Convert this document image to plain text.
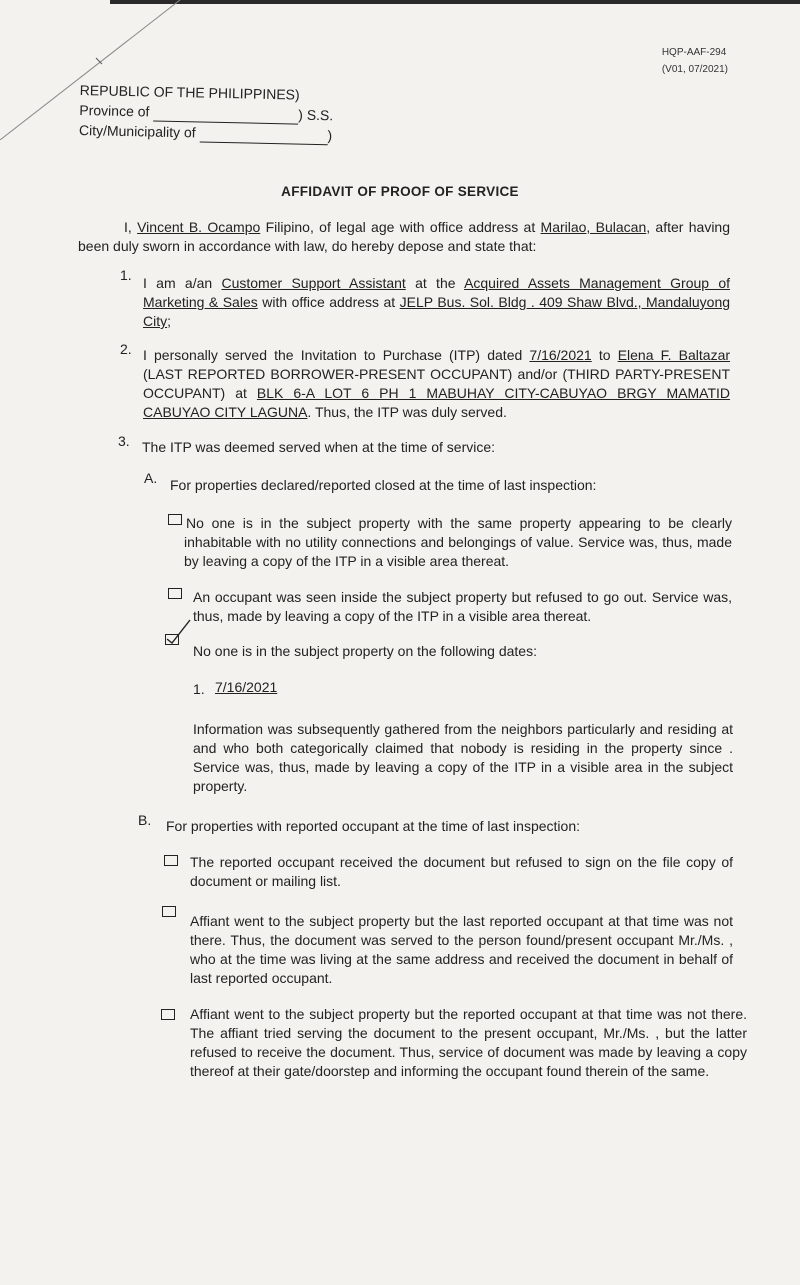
HQP-AAF-294
(V01, 07/2021)
REPUBLIC OF THE PHILIPPINES)
Province of	) S.S.
City/Municipality of	)
AFFIDAVIT OF PROOF OF SERVICE
I, Vincent B. Ocampo Filipino, of legal age with office address at Marilao, Bulacan, after having been duly sworn in accordance with law, do hereby depose and state that:
1. I am a/an Customer Support Assistant at the Acquired Assets Management Group of Marketing & Sales with office address at JELP Bus. Sol. Bldg . 409 Shaw Blvd., Mandaluyong City;
2. I personally served the Invitation to Purchase (ITP) dated 7/16/2021 to Elena F. Baltazar (LAST REPORTED BORROWER-PRESENT OCCUPANT) and/or (THIRD PARTY-PRESENT OCCUPANT) at BLK 6-A LOT 6 PH 1 MABUHAY CITY-CABUYAO BRGY MAMATID CABUYAO CITY LAGUNA. Thus, the ITP was duly served.
3. The ITP was deemed served when at the time of service:
A. For properties declared/reported closed at the time of last inspection:
No one is in the subject property with the same property appearing to be clearly inhabitable with no utility connections and belongings of value. Service was, thus, made by leaving a copy of the ITP in a visible area thereat.
An occupant was seen inside the subject property but refused to go out. Service was, thus, made by leaving a copy of the ITP in a visible area thereat.
No one is in the subject property on the following dates:
1. 7/16/2021
Information was subsequently gathered from the neighbors particularly and residing at and who both categorically claimed that nobody is residing in the property since . Service was, thus, made by leaving a copy of the ITP in a visible area in the subject property.
B. For properties with reported occupant at the time of last inspection:
The reported occupant received the document but refused to sign on the file copy of document or mailing list.
Affiant went to the subject property but the last reported occupant at that time was not there. Thus, the document was served to the person found/present occupant Mr./Ms. , who at the time was living at the same address and received the document in behalf of last reported occupant.
Affiant went to the subject property but the reported occupant at that time was not there. The affiant tried serving the document to the present occupant, Mr./Ms. , but the latter refused to receive the document. Thus, service of document was made by leaving a copy thereof at their gate/doorstep and informing the occupant found therein of the same.
